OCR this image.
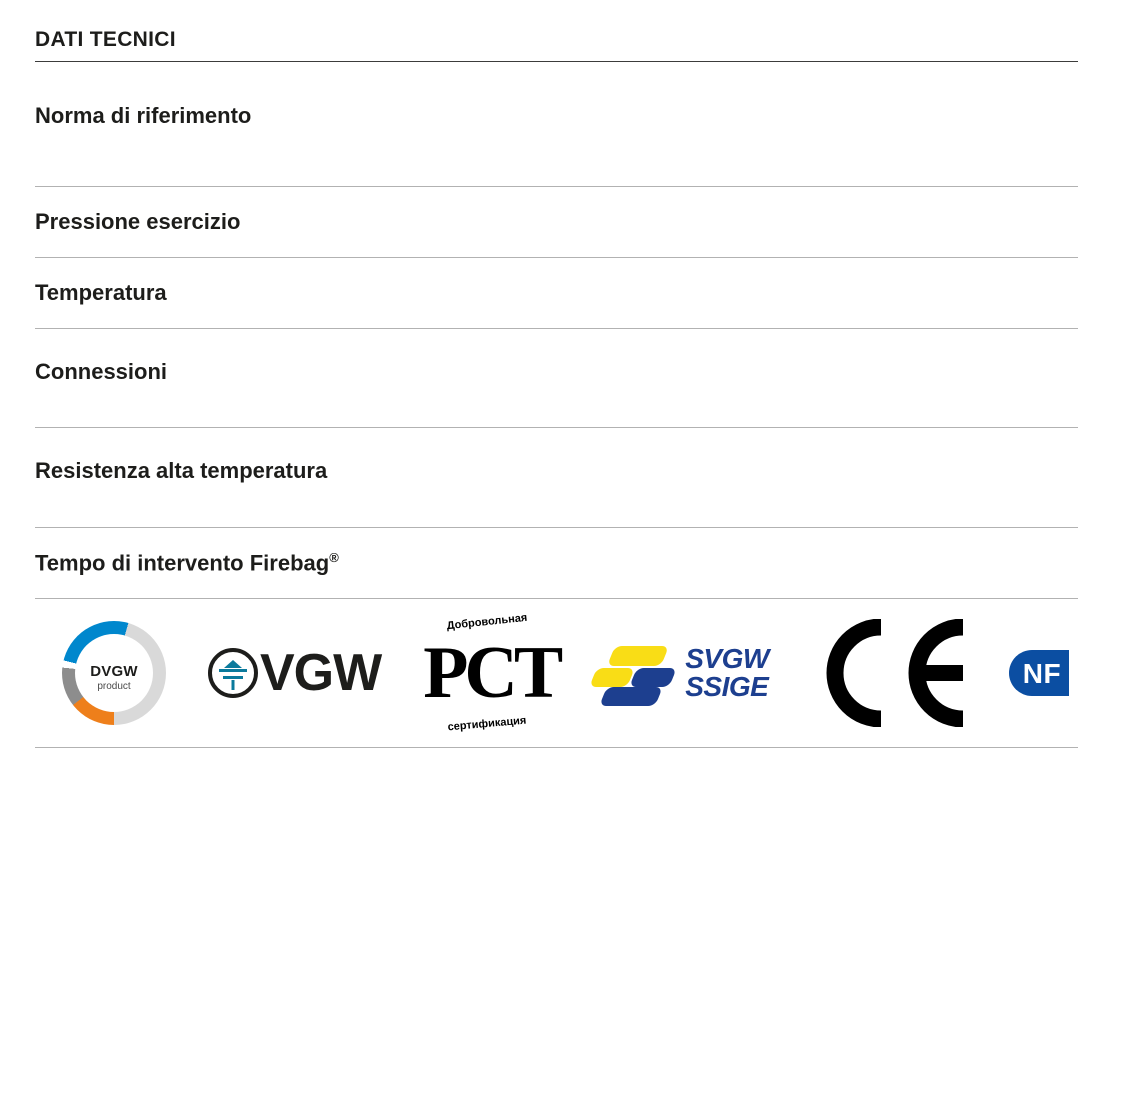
DATI TECNICI
Norma di riferimento
Pressione esercizio
Temperatura
Connessioni
Resistenza alta temperatura
Tempo di intervento Firebag®
DVGW
product	VGW
Добровольная
PCT
сертификация
SVGW
SSIGE	NF
